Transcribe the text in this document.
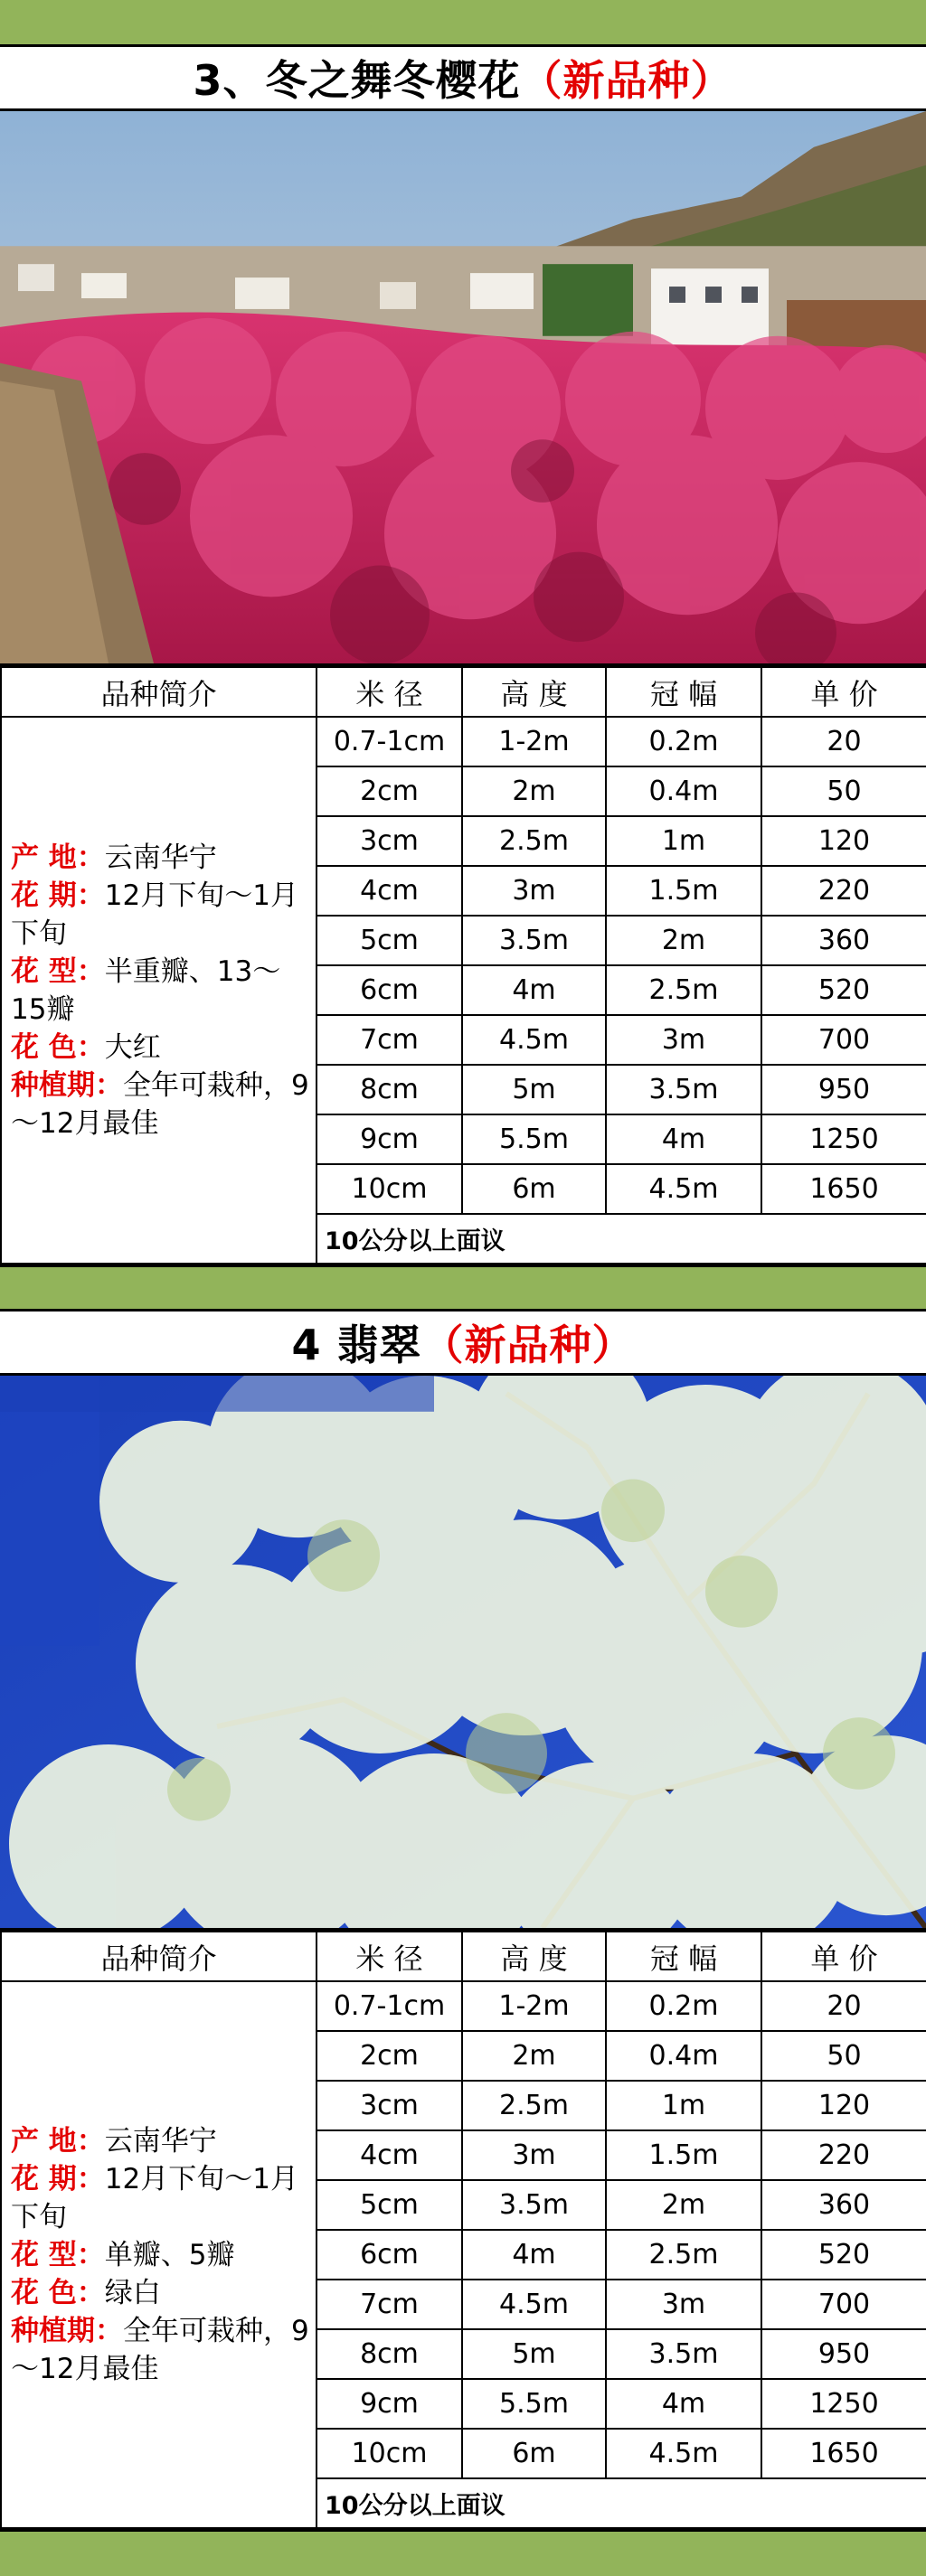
3、冬之舞冬樱花 （新品种）
品种简介	米 径	高 度	冠 幅	单 价

产 地：云南华宁
花 期：12月下旬～1月下旬
花 型：半重瓣、13～15瓣
花 色：大红
种植期：全年可栽种，9～12月最佳	0.7-1cm	1-2m	0.2m	20
	2cm	2m	0.4m	50
	3cm	2.5m	1m	120
	4cm	3m	1.5m	220
	5cm	3.5m	2m	360
	6cm	4m	2.5m	520
	7cm	4.5m	3m	700
	8cm	5m	3.5m	950
	9cm	5.5m	4m	1250
	10cm	6m	4.5m	1650
	10公分以上面议			
4 翡翠 （新品种）
品种简介	米 径	高 度	冠 幅	单 价

产 地：云南华宁
花 期：12月下旬～1月下旬
花 型：单瓣、5瓣
花 色：绿白
种植期：全年可栽种，9～12月最佳	0.7-1cm	1-2m	0.2m	20
	2cm	2m	0.4m	50
	3cm	2.5m	1m	120
	4cm	3m	1.5m	220
	5cm	3.5m	2m	360
	6cm	4m	2.5m	520
	7cm	4.5m	3m	700
	8cm	5m	3.5m	950
	9cm	5.5m	4m	1250
	10cm	6m	4.5m	1650
	10公分以上面议			
